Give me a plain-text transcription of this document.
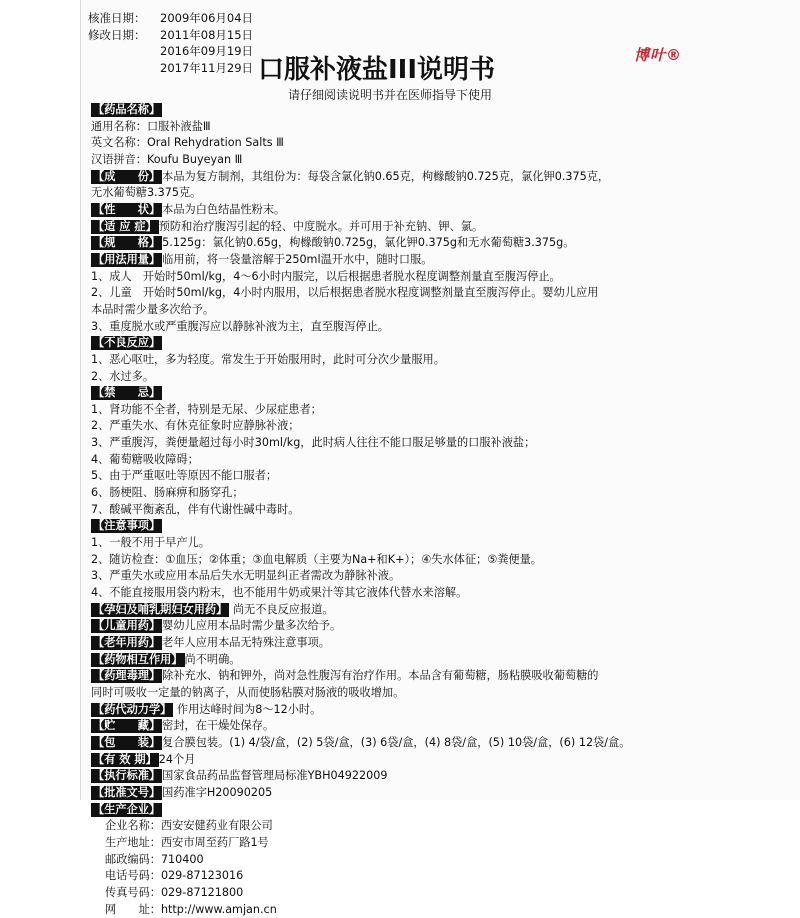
核准日期： 2009年06月04日
修改日期： 2011年08月15日
2016年09月19日
2017年11月29日
博叶®
口服补液盐III说明书
请仔细阅读说明书并在医师指导下使用
【药品名称】
通用名称：口服补液盐Ⅲ
英文名称：Oral Rehydration Salts Ⅲ
汉语拼音：Koufu Buyeyan Ⅲ
【成　　份】 本品为复方制剂，其组份为：每袋含氯化钠0.65克，枸橼酸钠0.725克，氯化钾0.375克，
无水葡萄糖3.375克。
【性　　状】 本品为白色结晶性粉末。
【适 应 症】 预防和治疗腹泻引起的轻、中度脱水。并可用于补充钠、钾、氯。
【规　　格】 5.125g：氯化钠0.65g，枸橼酸钠0.725g，氯化钾0.375g和无水葡萄糖3.375g。
【用法用量】 临用前，将一袋量溶解于250ml温开水中，随时口服。
1、成人　开始时50ml/kg，4～6小时内服完，以后根据患者脱水程度调整剂量直至腹泻停止。
2、儿童　开始时50ml/kg，4小时内服用，以后根据患者脱水程度调整剂量直至腹泻停止。婴幼儿应用
本品时需少量多次给予。
3、重度脱水或严重腹泻应以静脉补液为主，直至腹泻停止。
【不良反应】
1、恶心呕吐，多为轻度。常发生于开始服用时，此时可分次少量服用。
2、水过多。
【禁　　忌】
1、肾功能不全者，特别是无尿、少尿症患者；
2、严重失水、有休克征象时应静脉补液；
3、严重腹泻，粪便量超过每小时30ml/kg，此时病人往往不能口服足够量的口服补液盐；
4、葡萄糖吸收障碍；
5、由于严重呕吐等原因不能口服者；
6、肠梗阻、肠麻痹和肠穿孔；
7、酸碱平衡紊乱，伴有代谢性碱中毒时。
【注意事项】
1、一般不用于早产儿。
2、随访检查：①血压；②体重；③血电解质（主要为Na+和K+）；④失水体征；⑤粪便量。
3、严重失水或应用本品后失水无明显纠正者需改为静脉补液。
4、不能直接服用袋内粉末，也不能用牛奶或果汁等其它液体代替水来溶解。
【孕妇及哺乳期妇女用药】 尚无不良反应报道。
【儿童用药】 婴幼儿应用本品时需少量多次给予。
【老年用药】 老年人应用本品无特殊注意事项。
【药物相互作用】 尚不明确。
【药理毒理】 除补充水、钠和钾外，尚对急性腹泻有治疗作用。本品含有葡萄糖，肠粘膜吸收葡萄糖的
同时可吸收一定量的钠离子，从而使肠粘膜对肠液的吸收增加。
【药代动力学】 作用达峰时间为8～12小时。
【贮　　藏】 密封，在干燥处保存。
【包　　装】 复合膜包装。(1) 4/袋/盒，(2) 5袋/盒，(3) 6袋/盒，(4) 8袋/盒，(5) 10袋/盒，(6) 12袋/盒。
【有 效 期】 24个月
【执行标准】 国家食品药品监督管理局标准YBH04922009
【批准文号】 国药准字H20090205
【生产企业】
企业名称：西安安健药业有限公司
生产地址：西安市周至药厂路1号
邮政编码：710400
电话号码：029-87123016
传真号码：029-87121800
网　　址：http://www.amjan.cn
